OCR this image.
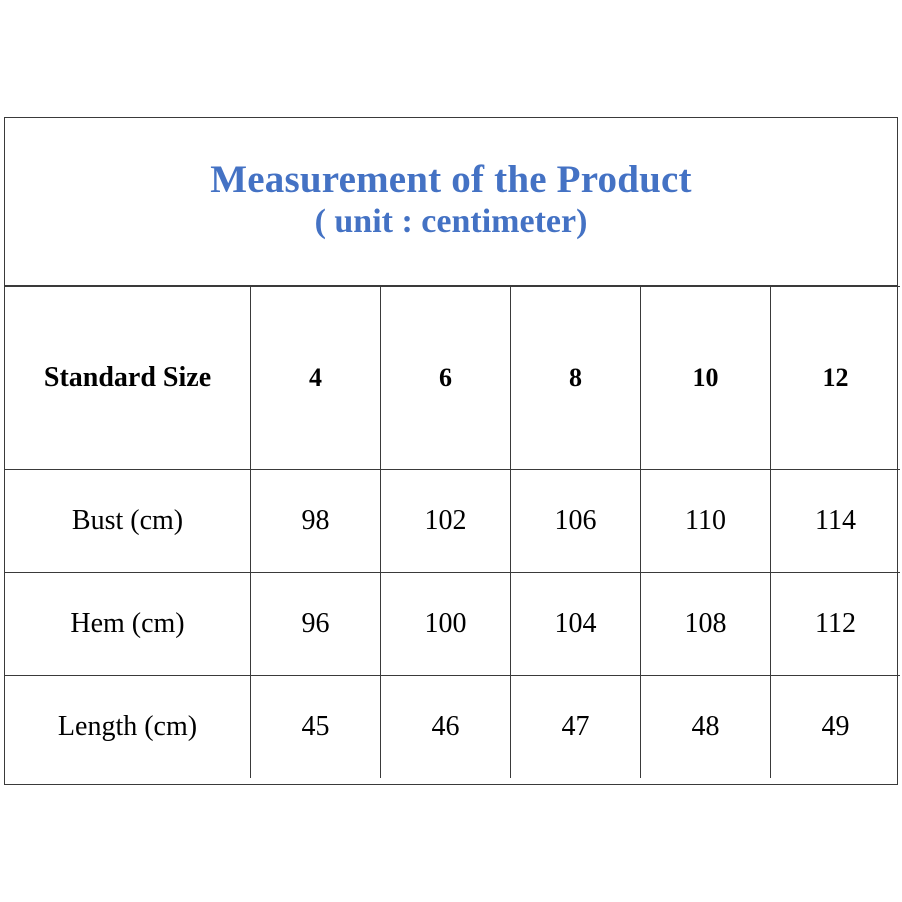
Measurement of the Product
( unit : centimeter)
Standard Size	4	6	8	10	12
Bust (cm)	98	102	106	110	114
Hem (cm)	96	100	104	108	112
Length (cm)	45	46	47	48	49
